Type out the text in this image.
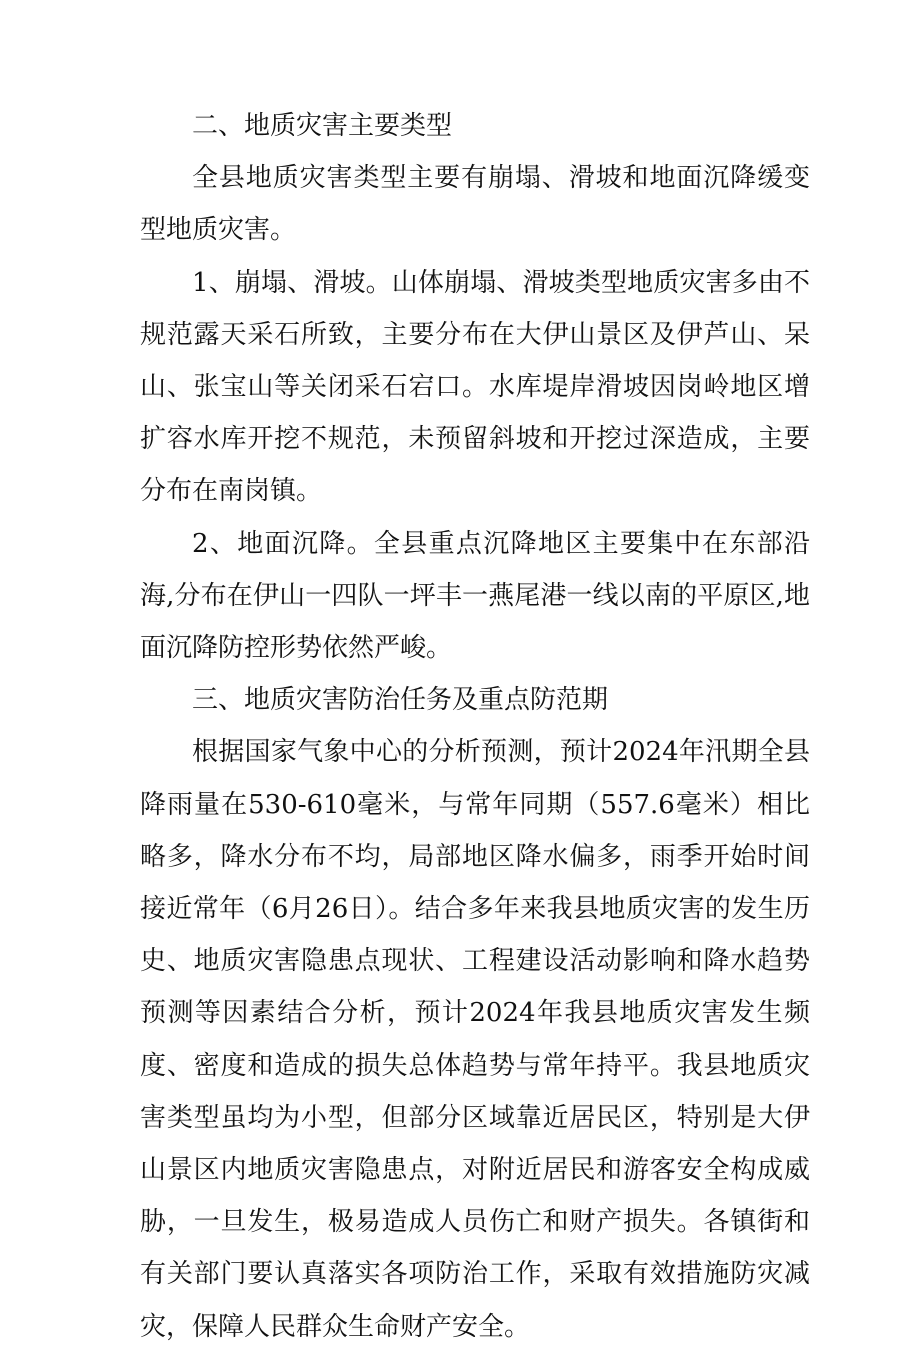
二、地质灾害主要类型

全县地质灾害类型主要有崩塌、滑坡和地面沉降缓变型地质灾害。

1、崩塌、滑坡。山体崩塌、滑坡类型地质灾害多由不规范露天采石所致，主要分布在大伊山景区及伊芦山、呆山、张宝山等关闭采石宕口。水库堤岸滑坡因岗岭地区增扩容水库开挖不规范，未预留斜坡和开挖过深造成，主要分布在南岗镇。

2、地面沉降。全县重点沉降地区主要集中在东部沿海,分布在伊山一四队一坪丰一燕尾港一线以南的平原区,地面沉降防控形势依然严峻。

三、地质灾害防治任务及重点防范期

根据国家气象中心的分析预测，预计2024年汛期全县降雨量在530-610毫米，与常年同期（557.6毫米）相比略多，降水分布不均，局部地区降水偏多，雨季开始时间接近常年（6月26日）。结合多年来我县地质灾害的发生历史、地质灾害隐患点现状、工程建设活动影响和降水趋势预测等因素结合分析，预计2024年我县地质灾害发生频度、密度和造成的损失总体趋势与常年持平。我县地质灾害类型虽均为小型，但部分区域靠近居民区，特别是大伊山景区内地质灾害隐患点，对附近居民和游客安全构成威胁，一旦发生，极易造成人员伤亡和财产损失。各镇街和有关部门要认真落实各项防治工作，采取有效措施防灾减灾，保障人民群众生命财产安全。
